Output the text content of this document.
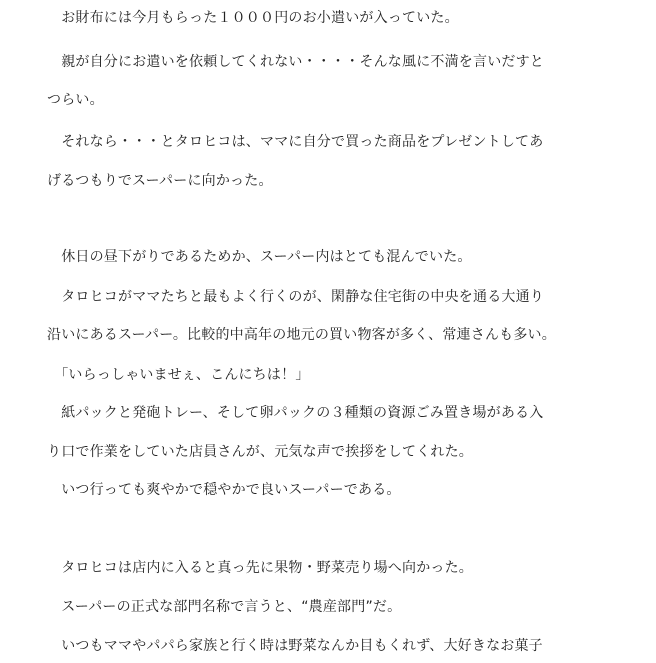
　お財布には今月もらった１０００円のお小遣いが入っていた。
　親が自分にお遣いを依頼してくれない・・・・そんな風に不満を言いだすと
つらい。
　それなら・・・とタロヒコは、ママに自分で買った商品をプレゼントしてあ
げるつもりでスーパーに向かった。
　休日の昼下がりであるためか、スーパー内はとても混んでいた。
　タロヒコがママたちと最もよく行くのが、閑静な住宅街の中央を通る大通り
沿いにあるスーパー。比較的中高年の地元の買い物客が多く、常連さんも多い。
　「いらっしゃいませぇ、こんにちは！」
　紙パックと発砲トレー、そして卵パックの３種類の資源ごみ置き場がある入
り口で作業をしていた店員さんが、元気な声で挨拶をしてくれた。
　いつ行っても爽やかで穏やかで良いスーパーである。
　タロヒコは店内に入ると真っ先に果物・野菜売り場へ向かった。
　スーパーの正式な部門名称で言うと、“農産部門”だ。
　いつもママやパパら家族と行く時は野菜なんか目もくれず、大好きなお菓子
